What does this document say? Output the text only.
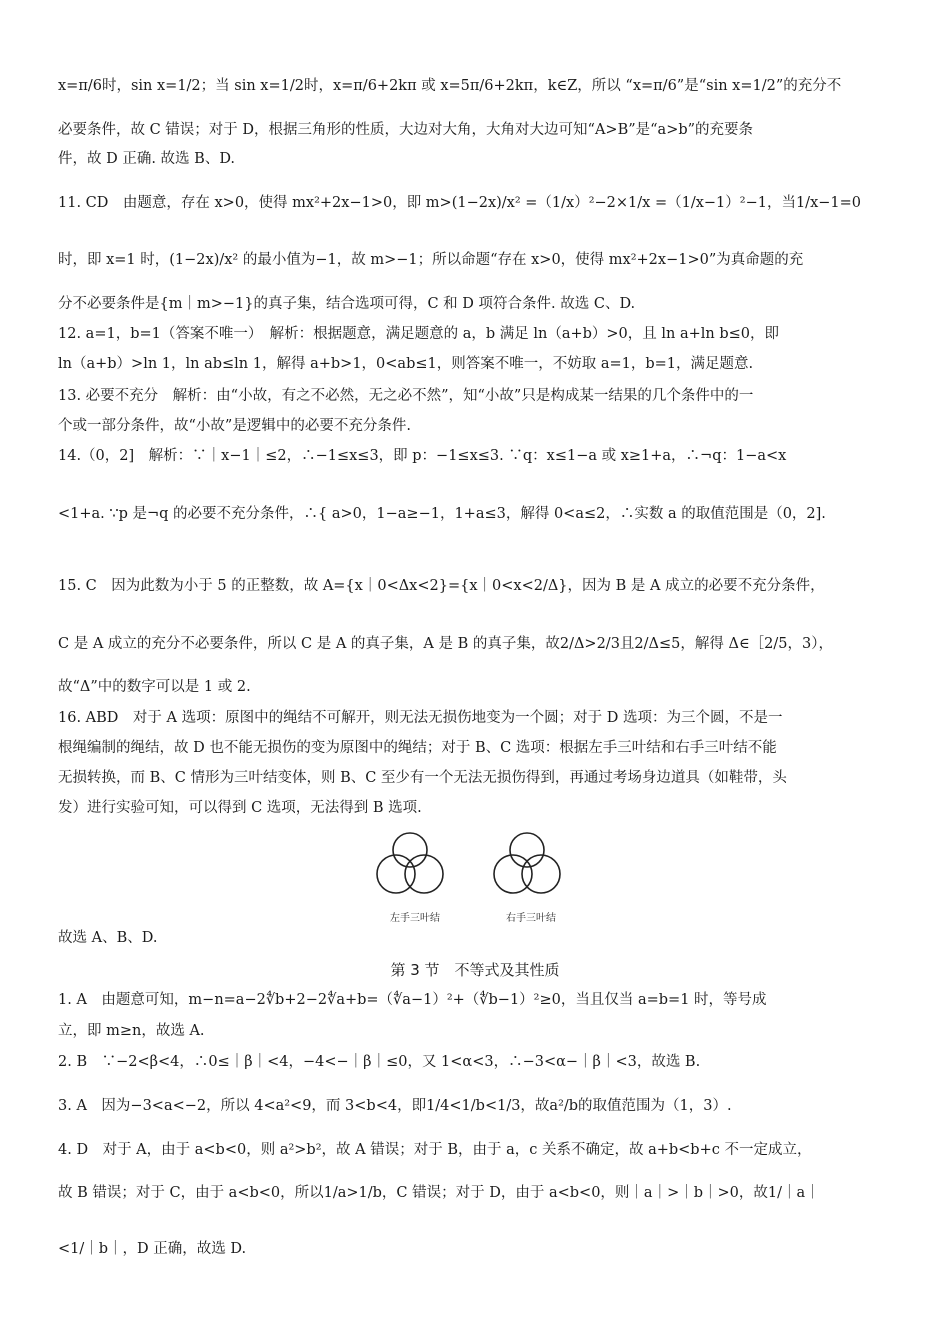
x=π/6时，sin x=1/2；当 sin x=1/2时，x=π/6+2kπ 或 x=5π/6+2kπ，k∈Z，所以 “x=π/6”是“sin x=1/2”的充分不
必要条件，故 C 错误；对于 D，根据三角形的性质，大边对大角，大角对大边可知“A>B”是“a>b”的充要条
件，故 D 正确. 故选 B、D.
11. CD　由题意，存在 x>0，使得 mx²+2x−1>0，即 m>(1−2x)/x² =（1/x）²−2×1/x =（1/x−1）²−1，当1/x−1=0
时，即 x=1 时，(1−2x)/x² 的最小值为−1，故 m>−1；所以命题“存在 x>0，使得 mx²+2x−1>0”为真命题的充
分不必要条件是{m｜m>−1}的真子集，结合选项可得，C 和 D 项符合条件. 故选 C、D.
12. a=1，b=1（答案不唯一）　解析：根据题意，满足题意的 a，b 满足 ln（a+b）>0，且 ln a+ln b≤0，即
ln（a+b）>ln 1，ln ab≤ln 1，解得 a+b>1，0<ab≤1，则答案不唯一，不妨取 a=1，b=1，满足题意.
13. 必要不充分　解析：由“小故，有之不必然，无之必不然”，知“小故”只是构成某一结果的几个条件中的一
个或一部分条件，故“小故”是逻辑中的必要不充分条件.
14.（0，2]　解析：∵｜x−1｜≤2，∴−1≤x≤3，即 p：−1≤x≤3. ∵q：x≤1−a 或 x≥1+a，∴¬q：1−a<x
<1+a. ∵p 是¬q 的必要不充分条件，∴{ a>0，1−a≥−1，1+a≤3，解得 0<a≤2，∴实数 a 的取值范围是（0，2].
15. C　因为此数为小于 5 的正整数，故 A={x｜0<Δx<2}={x｜0<x<2/Δ}，因为 B 是 A 成立的必要不充分条件，
C 是 A 成立的充分不必要条件，所以 C 是 A 的真子集，A 是 B 的真子集，故2/Δ>2/3且2/Δ≤5，解得 Δ∈［2/5，3），
故“Δ”中的数字可以是 1 或 2.
16. ABD　对于 A 选项：原图中的绳结不可解开，则无法无损伤地变为一个圆；对于 D 选项：为三个圆，不是一
根绳编制的绳结，故 D 也不能无损伤的变为原图中的绳结；对于 B、C 选项：根据左手三叶结和右手三叶结不能
无损转换，而 B、C 情形为三叶结变体，则 B、C 至少有一个无法无损伤得到，再通过考场身边道具（如鞋带，头
发）进行实验可知，可以得到 C 选项，无法得到 B 选项.
左手三叶结	右手三叶结
故选 A、B、D.
第 3 节　不等式及其性质
1. A　由题意可知，m−n=a−2∜b+2−2∜a+b=（∜a−1）²+（∜b−1）²≥0，当且仅当 a=b=1 时，等号成
立，即 m≥n，故选 A.
2. B　∵−2<β<4，∴0≤｜β｜<4，−4<−｜β｜≤0，又 1<α<3，∴−3<α−｜β｜<3，故选 B.
3. A　因为−3<a<−2，所以 4<a²<9，而 3<b<4，即1/4<1/b<1/3，故a²/b的取值范围为（1，3）.
4. D　对于 A，由于 a<b<0，则 a²>b²，故 A 错误；对于 B，由于 a，c 关系不确定，故 a+b<b+c 不一定成立，
故 B 错误；对于 C，由于 a<b<0，所以1/a>1/b，C 错误；对于 D，由于 a<b<0，则｜a｜>｜b｜>0，故1/｜a｜
<1/｜b｜，D 正确，故选 D.
